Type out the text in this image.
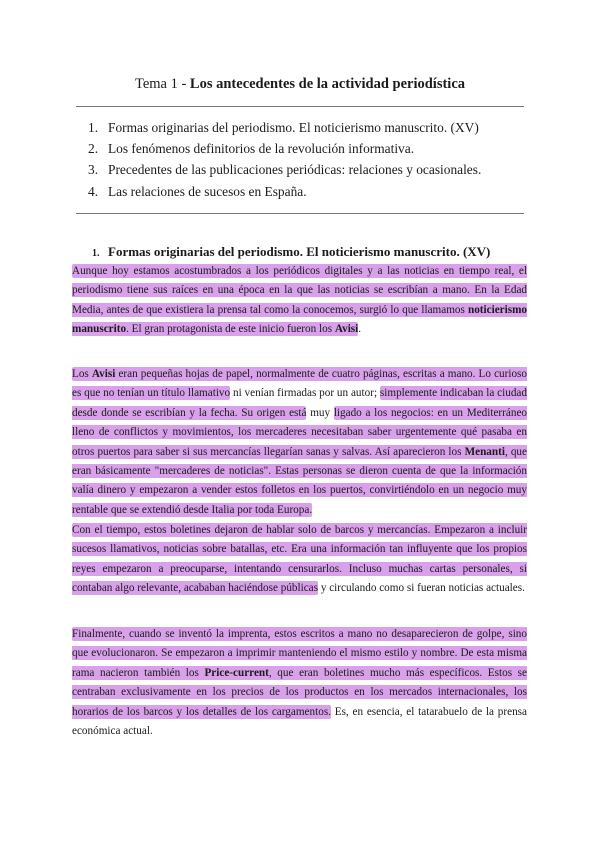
Tema 1 - Los antecedentes de la actividad periodística
1. Formas originarias del periodismo. El noticierismo manuscrito. (XV)
2. Los fenómenos definitorios de la revolución informativa.
3. Precedentes de las publicaciones periódicas: relaciones y ocasionales.
4. Las relaciones de sucesos en España.
1. Formas originarias del periodismo. El noticierismo manuscrito. (XV)

Aunque hoy estamos acostumbrados a los periódicos digitales y a las noticias en tiempo real, el periodismo tiene sus raíces en una época en la que las noticias se escribían a mano. En la Edad Media, antes de que existiera la prensa tal como la conocemos, surgió lo que llamamos noticierismo manuscrito. El gran protagonista de este inicio fueron los Avisi.

Los Avisi eran pequeñas hojas de papel, normalmente de cuatro páginas, escritas a mano. Lo curioso es que no tenían un título llamativo ni venían firmadas por un autor; simplemente indicaban la ciudad desde donde se escribían y la fecha. Su origen está muy ligado a los negocios: en un Mediterráneo lleno de conflictos y movimientos, los mercaderes necesitaban saber urgentemente qué pasaba en otros puertos para saber si sus mercancías llegarían sanas y salvas. Así aparecieron los Menanti, que eran básicamente "mercaderes de noticias". Estas personas se dieron cuenta de que la información valía dinero y empezaron a vender estos folletos en los puertos, convirtiéndolo en un negocio muy rentable que se extendió desde Italia por toda Europa.

Con el tiempo, estos boletines dejaron de hablar solo de barcos y mercancías. Empezaron a incluir sucesos llamativos, noticias sobre batallas, etc. Era una información tan influyente que los propios reyes empezaron a preocuparse, intentando censurarlos. Incluso muchas cartas personales, si contaban algo relevante, acababan haciéndose públicas y circulando como si fueran noticias actuales.

Finalmente, cuando se inventó la imprenta, estos escritos a mano no desaparecieron de golpe, sino que evolucionaron. Se empezaron a imprimir manteniendo el mismo estilo y nombre. De esta misma rama nacieron también los Price-current, que eran boletines mucho más específicos. Estos se centraban exclusivamente en los precios de los productos en los mercados internacionales, los horarios de los barcos y los detalles de los cargamentos. Es, en esencia, el tatarabuelo de la prensa económica actual.
